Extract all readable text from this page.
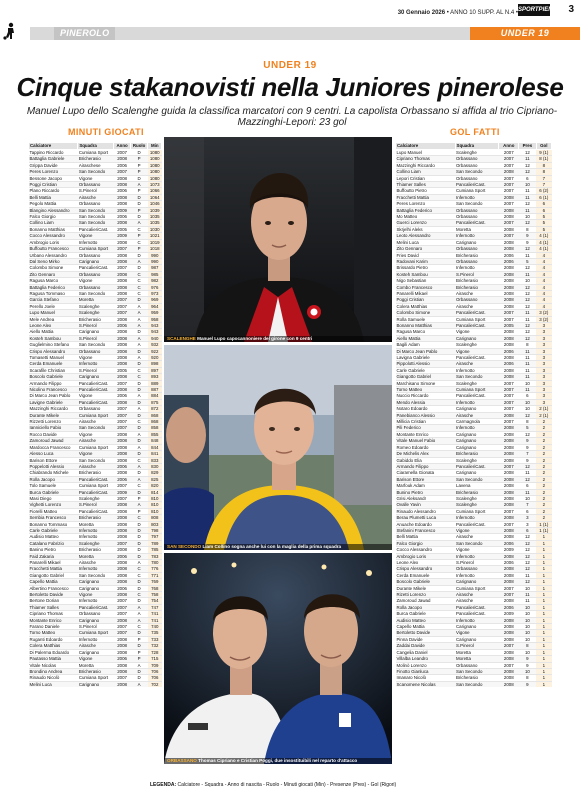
PINEROLO
30 Gennaio 2026 • ANNO 10 SUPP. AL N.4 • SPORTPIEMONTE
3
UNDER 19
UNDER 19
Cinque stakanovisti nella Juniores pinerolese
Manuel Lupo dello Scalenghe guida la classifica marcatori con 9 centri. La capolista Orbassano si affida al trio Cipriano-Mazzinghi-Lepori: 23 gol
MINUTI GIOCATI	GOL FATTI
Calciatore	Squadra	Anno	Ruolo	Min
Tappino Riccardo	Cumiana Sport	2007	D	1080
Battaglia Gabriele	Bricherasio	2008	P	1080
Grippa Davide	Airaschese	2006	P	1080
Peres Lorenzo	San Secondo	2007	P	1080
Bessone Jacopo	Vigone	2008	D	1080
Poggi Cristian	Orbassano	2008	A	1073
Plano Riccardo	S.Pinerol	2006	P	1066
Belli Mattia	Airasche	2008	D	1064
Pegolo Mattia	Orbassano	2008	D	1046
Blangino Alessandro	San Secondo	2009	P	1039
Falco Giorgio	San Secondo	2006	D	1035
Collino Liam	San Secondo	2008	A	1035
Bonanno Matthias	PancalieriCast.	2005	C	1030
Cocco Alessandro	Vigone	2009	P	1021
Ambrogio Loris	Infernotto	2008	C	1019
Buffoutto Francesco	Cumiana Sport	2007	P	1018
Urbano Alessandro	Orbassano	2008	D	990
Dal Seno Mirko	Carignano	2008	A	990
Colombo Simone	PancalieriCast.	2007	D	987
Zito Gennaro	Orbassano	2008	C	985
Ragusa Marco	Vigone	2008	C	982
Battaglia Federico	Orbassano	2008	C	976
Ragusa Tommaso	San Secondo	2008	C	973
Garcia Stefano	Moretta	2007	D	969
Perello Joele	Scalenghe	2007	A	964
Lupo Manuel	Scalenghe	2007	A	959
Mele Andrea	Bricherasio	2008	A	958
Leone Alex	S.Pinerol	2006	A	943
Aiello Mattia	Carignano	2008	D	943
Kosteh Sambou	S.Pinerol	2008	A	940
Guglielmino Stefano	San Secondo	2008	A	932
Crispo Alessandro	Orbassano	2008	D	922
Tomasetti Manuel	Vigone	2008	A	920
Cerda Emanuele	Infernotto	2008	D	898
Scarafile Christian	S.Pinerol	2005	C	897
Boscolo Gabriele	Carignano	2008	C	893
Armando Filippo	PancalieriCast.	2007	D	889
Nicolino Francesco	PancalieriCast.	2008	D	887
Di Marco Jean Pablo	Vigone	2006	A	884
Lavigne Gabriele	PancalieriCast.	2008	D	875
Mazzinghi Riccardo	Orbassano	2007	A	872
Durante Mikele	Cumiana Sport	2007	D	868
Rizzetti Lorenzo	Airasche	2007	C	868
Ianniciello Fabio	San Secondo	2007	D	858
Rocco Davide	Vigone	2008	A	855
Zamoroud Jawad	Airasche	2008	D	848
Mardocca Francesco	Cumiana Sport	2008	A	844
Alesso Luca	Vigone	2008	D	841
Barison Ettore	San Secondo	2008	C	833
Poppelotti Alessio	Airasche	2006	A	830
Chiabrando Michele	Bricherasio	2008	D	829
Rolla Jacopo	PancalieriCast.	2006	A	825
Tolo Samuele	Cumiana Sport	2007	C	820
Burca Gabriele	PancalieriCast.	2009	D	814
Masi Diego	Scalenghe	2007	P	810
Vighetti Lorenzo	S.Pinerol	2008	A	810
Fiorelli Matteo	PancalieriCast.	2008	P	810
Sembia Francesco	Bricherasio	2008	C	808
Bonanno Tommaso	Moretta	2008	D	803
Carle Gabriele	Infernotto	2008	D	798
Audisio Matteo	Infernotto	2008	D	797
Catalano Fabrizio	Scalenghe	2007	D	789
Banino Pietro	Bricherasio	2008	D	785
Faid Zakaria	Moretta	2006	D	783
Panarelli Mikael	Airasche	2008	A	780
Fracchetti Mattia	Infernotto	2008	C	776
Giangotto Gabriel	San Secondo	2008	C	771
Capello Mattia	Carignano	2008	D	769
Albertino Francesco	Carignano	2006	D	768
Bertoletto Davide	Vigone	2008	C	758
Bertone Dorian	Infernotto	2007	D	754
Thiamer Salles	PancalieriCast.	2007	A	747
Cipriano Thomas	Orbassano	2007	A	741
Montante Enrico	Carignano	2008	A	741
Farano Daniele	S.Pinerol	2007	C	740
Torno Matteo	Cumiana Sport	2007	D	735
Ruganti Edoardo	Infernotto	2008	P	733
Colera Matthias	Airasche	2008	D	732
Di Palerma Edoardo	Carignano	2008	P	728
Pautasso Mattia	Vigone	2006	P	715
Vitale Nicolas	Moretta	2008	A	709
Brondino Andrea	Bricherasio	2008	D	706
Rinaudo Nicolò	Cumiana Sport	2007	D	706
Melini Luca	Carignano	2008	A	702
Calciatore	Squadra	Anno	Pres	Gol
Lupo Manuel	Scalenghe	2007	12	9 (1)
Cipriano Thomas	Orbassano	2007	11	8 (1)
Mazzinghi Riccardo	Orbassano	2007	12	8
Collino Liam	San Secondo	2008	12	8
Lepori Cristian	Orbassano	2007	6	7
Thiamer Salles	PancalieriCast.	2007	10	7
Buffoutto Pietro	Cumiana Sport	2007	11	6 (2)
Fracchetti Mattia	Infernotto	2008	11	6 (1)
Peres Lorenzo	San Secondo	2007	12	6
Battaglia Federico	Orbassano	2008	11	6
Mo Matteo	Orbassano	2008	10	5
Guerci Lorenzo	PancalieriCast.	2007	12	5
Skrjelhi Aleks	Moretta	2008	8	5
Leoto Alessandro	Infernotto	2007	9	4 (1)
Melini Luca	Carignano	2008	9	4 (1)
Zito Gennaro	Orbassano	2008	12	4 (1)
Fries David	Bricherasio	2006	11	4
Radovani Karim	Orbassano	2006	5	4
Brissardo Pietro	Infernotto	2008	12	4
Kosteh Sambou	S.Pinerol	2008	11	4
Nigo Sebastian	Bricherasio	2008	10	4
Combo Francesco	Bricherasio	2008	12	4
Panarelli Mikael	Airasche	2008	12	4
Poggi Cristian	Orbassano	2008	12	4
Colera Matthias	Airasche	2008	12	4
Colombo Simone	PancalieriCast.	2007	11	3 (2)
Rolla Samuele	Cumiana Sport	2007	11	3 (2)
Bonanno Matthias	PancalieriCast.	2005	12	3
Ragusa Marco	Vigone	2008	12	3
Aiello Mattia	Carignano	2008	12	3
Bagili Adam	Scalenghe	2008	8	3
Di Marco Jean Pablo	Vigone	2006	11	3
Lavigna Gabriele	PancalieriCast.	2008	11	3
Pippolotti Alessio	Airasche	2006	11	3
Carle Gabriele	Infernotto	2008	11	3
Giangotto Gabriel	San Secondo	2008	11	3
Marchisano Simone	Scalenghe	2007	10	3
Torno Matteo	Cumiana Sport	2007	11	3
Nuccio Riccardo	PancalieriCast.	2007	6	3
Mendo Alessia	Infernotto	2007	10	3
Notaro Edoardo	Carignano	2007	10	2 (1)
Panebianco Alessio	Airasche	2008	12	2 (1)
Millicia Cristian	Carmagnola	2007	8	2
Pili Federico	Infernotto	2008	5	2
Montante Enrico	Carignano	2008	12	2
Vitale Manuel Fabio	Carignano	2008	9	2
Romeo Edoardo	Carignano	2008	9	2
De Michelis Alex	Bricherasio	2008	7	2
Gabiddo Elia	Scalenghe	2008	9	2
Armando Filippo	PancalieriCast.	2007	12	2
Ciaramella Gionata	Carignano	2008	11	2
Barison Ettore	San Secondo	2008	12	2
Marfouk Adam	Lavena	2008	6	2
Bunino Pietro	Bricherasio	2008	11	2
Grisi Aleksandr	Scalenghe	2008	10	2
Ovalle Yavin	Scalenghe	2008	7	2
Rinaudo Alessandro	Cumiana Sport	2007	6	2
Berau Plumetti Luca	Infernotto	2008	3	2
Anuache Edoardo	PancalieriCast.	2007	3	1 (1)
Stefanini Francesco	Vigone	2008	6	1 (1)
Belli Mattia	Airasche	2008	12	1
Falco Giorgio	San Secondo	2006	12	1
Cocco Alessandro	Vigone	2009	12	1
Ambrogio Loris	Infernotto	2008	12	1
Leone Alex	S.Pinerol	2006	12	1
Crispo Alessandro	Orbassano	2008	12	1
Cerda Emanuele	Infernotto	2008	11	1
Boscolo Gabriele	Carignano	2008	12	1
Durante Mikele	Cumiana Sport	2007	10	1
Rizetti Lorenzo	Airasche	2007	11	1
Zamoroud Jawad	Airasche	2008	11	1
Rolla Jacopo	PancalieriCast.	2006	10	1
Burca Gabriele	PancalieriCast.	2009	10	1
Audisio Matteo	Infernotto	2008	10	1
Capello Mattia	Carignano	2008	10	1
Bertoletto Davide	Vigone	2008	10	1
Pinna Davide	Carignano	2008	10	1
Zaddai Davide	S.Pinerol	2007	8	1
Cangelia Daniel	Moretta	2008	10	1
Villalba Leandro	Moretta	2008	9	1
Molinò Lorenzo	Orbassano	2007	9	1
Finotto Gianluca	San Secondo	2008	10	1
Imanaro Nicolò	Bricherasio	2008	8	1
Scanomene Nicolas	San Secondo	2008	9	1
SCALENGHE Manuel Lupo capocannoniere del girone con 9 centri
SAN SECONDO Liam Collino sogna anche lui con la maglia della prima squadra
ORBASSANO Thomas Cipriano e Cristian Poggi, due insostituibili nel reparto d'attacco
LEGENDA: Calciatore - Squadra - Anno di nascita - Ruolo - Minuti giocati (Min) - Presenze (Pres) - Gol (Rigori)
